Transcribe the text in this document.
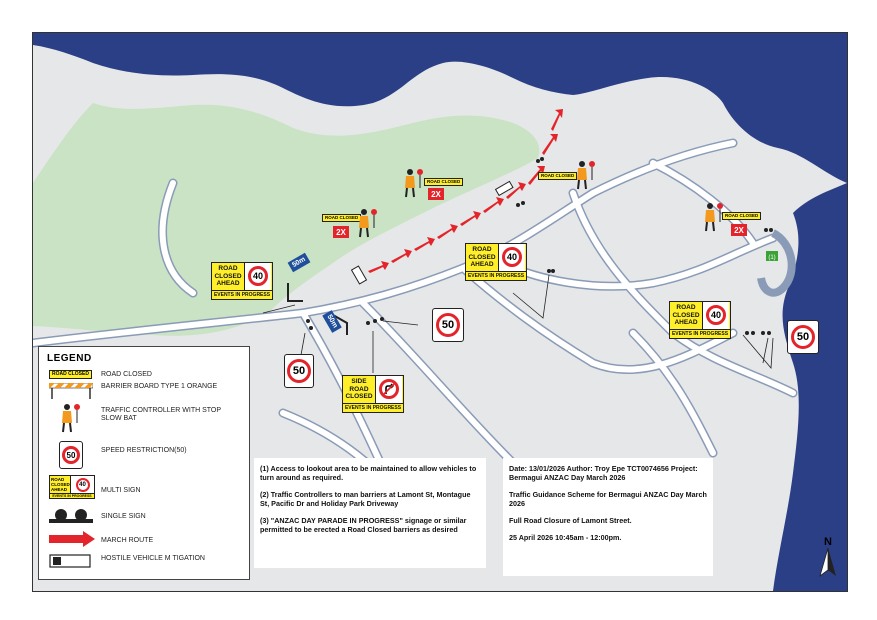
(1)
50m
50m
ROAD CLOSED AHEAD
40
EVENTS IN PROGRESS
ROAD CLOSED AHEAD
40
EVENTS IN PROGRESS
ROAD CLOSED AHEAD
40
EVENTS IN PROGRESS
SIDE ROAD CLOSED
EVENTS IN PROGRESS
50
50
50
ROAD CLOSED
2X
ROAD CLOSED
2X
ROAD CLOSED
ROAD CLOSED
2X
LEGEND
ROAD CLOSED	ROAD CLOSED
BARRIER BOARD TYPE 1 ORANGE
TRAFFIC CONTROLLER WITH STOP SLOW BAT
50	SPEED RESTRICTION(50)
ROAD CLOSED AHEAD
40
EVENTS IN PROGRESS
MULTI SIGN
SINGLE SIGN
MARCH ROUTE
HOSTILE VEHICLE M TIGATION

(1) Access to lookout area to be maintained to allow vehicles to turn around as required.

(2) Traffic Controllers to man barriers at Lamont St, Montague St, Pacific Dr and Holiday Park Driveway

(3) "ANZAC DAY PARADE IN PROGRESS" signage or similar permitted to be erected a Road Closed barriers as desired

Date: 13/01/2026 Author: Troy Epe TCT0074656 Project: Bermagui ANZAC Day March 2026

Traffic Guidance Scheme for Bermagui ANZAC Day March 2026

Full Road Closure of Lamont Street.

25 April 2026 10:45am - 12:00pm.	N
